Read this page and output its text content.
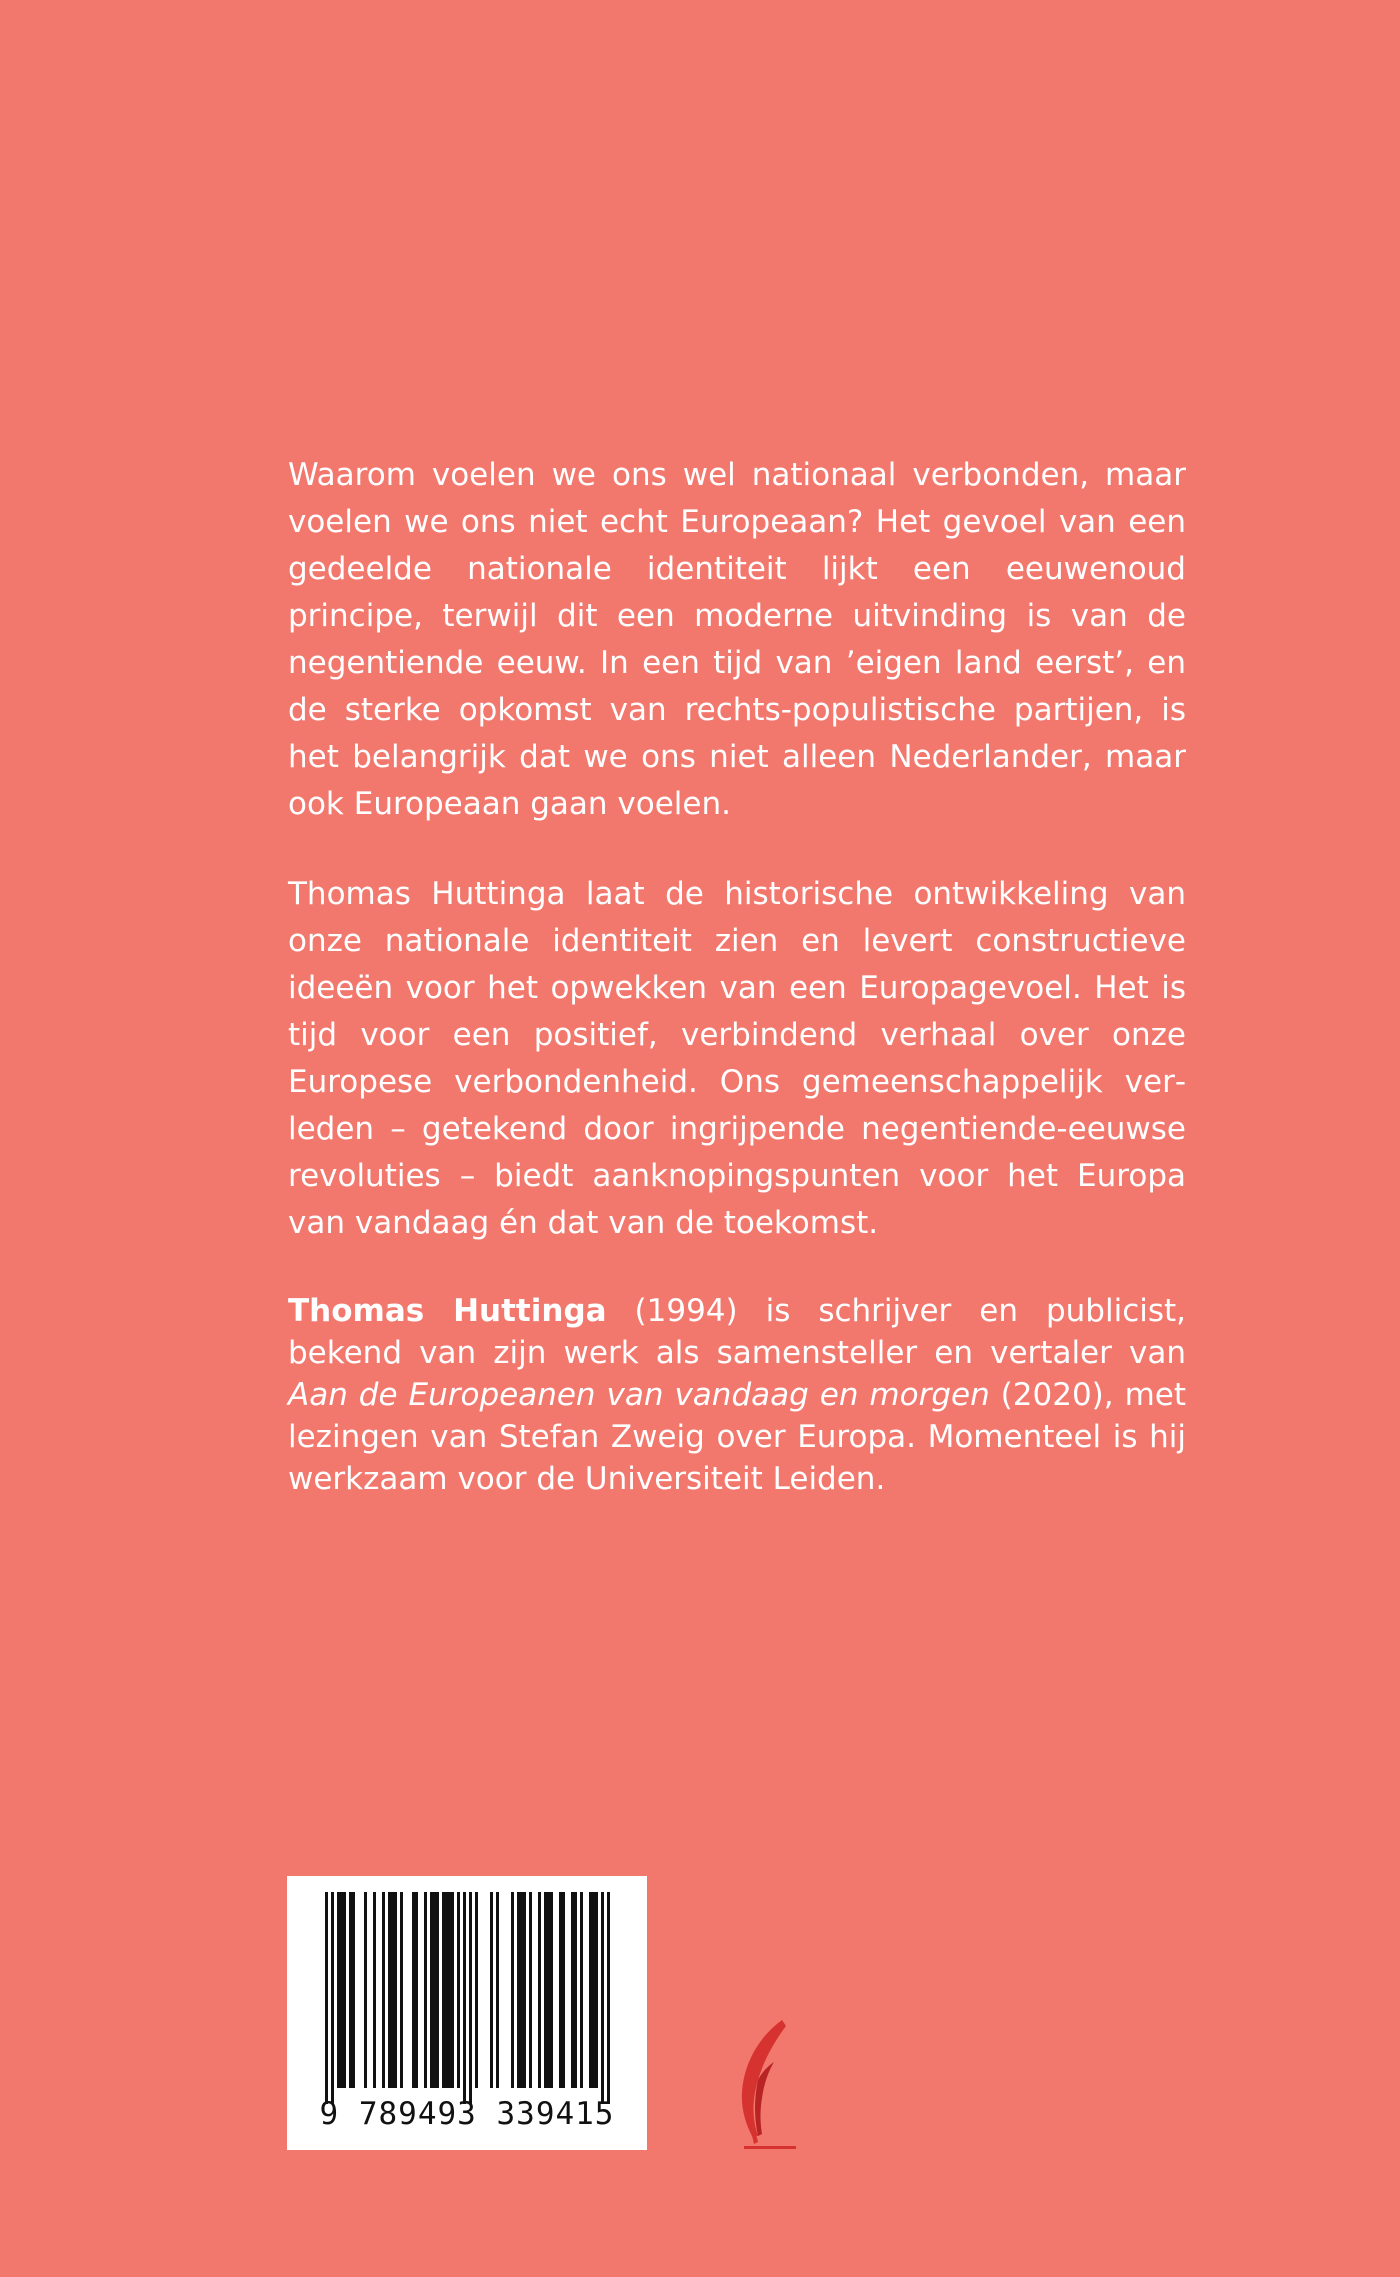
Waarom voelen we ons wel nationaal verbonden, maar voelen we ons niet echt Europeaan? Het gevoel van een gedeelde nationale identiteit lijkt een eeuwenoud principe, terwijl dit een moderne uitvinding is van de negentiende eeuw. In een tijd van ’eigen land eerst’, en de sterke opkomst van rechts-populistische partijen, is het belangrijk dat we ons niet alleen Nederlander, maar ook Europeaan gaan voelen.

Thomas Huttinga laat de historische ontwikkeling van onze nationale identiteit zien en levert constructieve ideeën voor het opwekken van een Europagevoel. Het is tijd voor een positief, verbindend verhaal over onze Europese verbondenheid. Ons gemeenschappelijk verleden – getekend door ingrijpende negentiende-eeuwse revoluties – biedt aanknopingspunten voor het Europa van vandaag én dat van de toekomst.

Thomas Huttinga (1994) is schrijver en publicist, bekend van zijn werk als samensteller en vertaler van Aan de Europeanen van vandaag en morgen (2020), met lezingen van Stefan Zweig over Europa. Momenteel is hij werkzaam voor de Universiteit Leiden.

9 789493 339415
